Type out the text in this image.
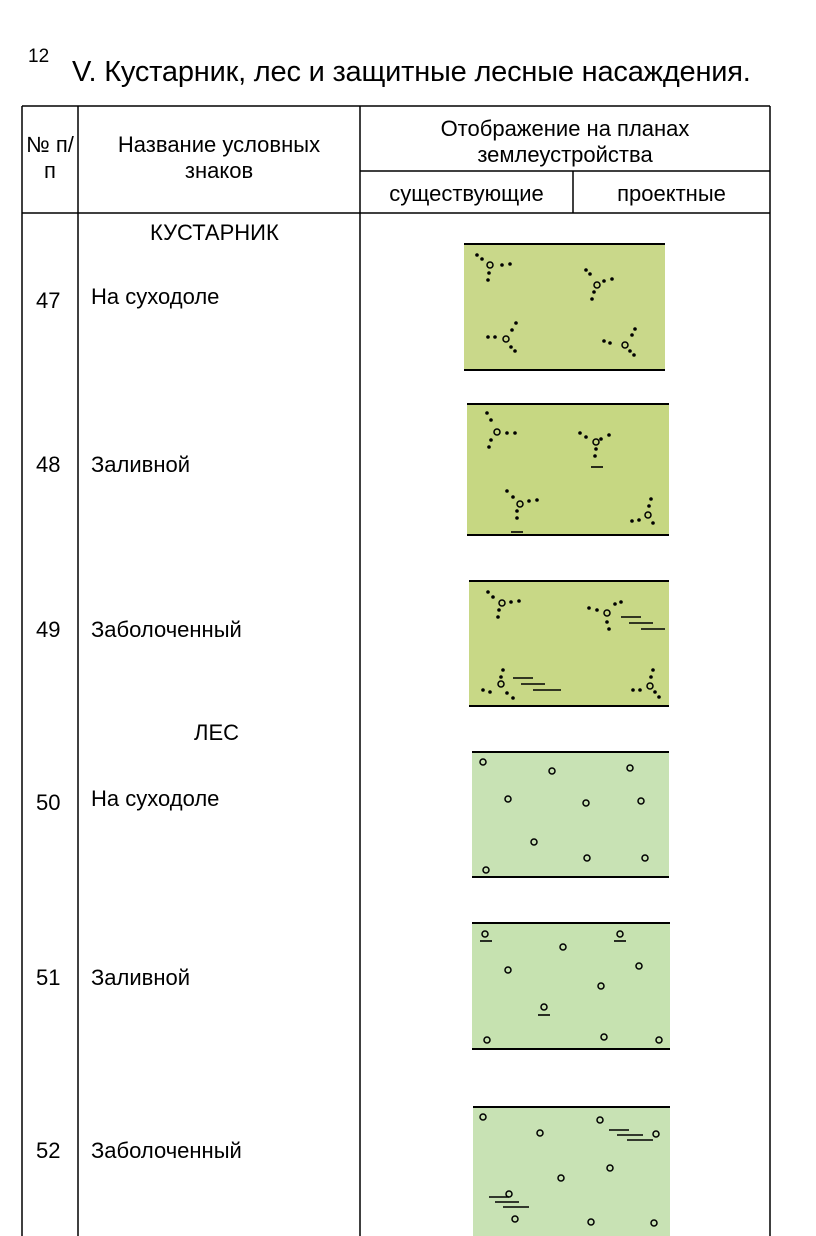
12 V. Кустарник, лес и защитные лесные насаждения.
№ п/п
Название условных знаков
Отображение на планах землеустройства
существующие	проектные
КУСТАРНИК
ЛЕС
47 На суходоле
48 Заливной
49 Заболоченный
50 На суходоле
51 Заливной
52 Заболоченный
